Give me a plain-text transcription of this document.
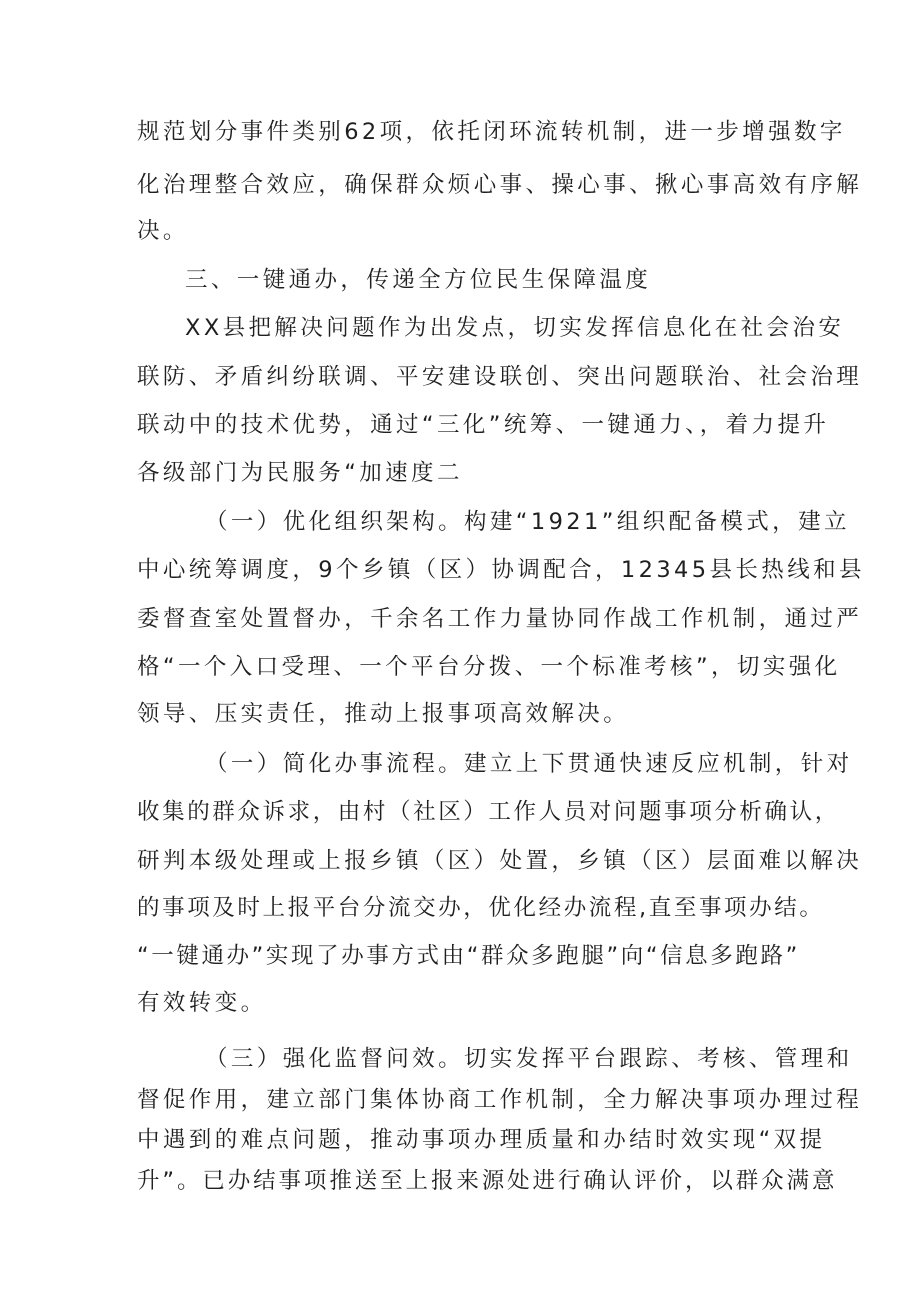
规范划分事件类别62项，依托闭环流转机制，进一步增强数字
化治理整合效应，确保群众烦心事、操心事、揪心事高效有序解
决。
三、一键通办，传递全方位民生保障温度
XX县把解决问题作为出发点，切实发挥信息化在社会治安
联防、矛盾纠纷联调、平安建设联创、突出问题联治、社会治理
联动中的技术优势，通过“三化”统筹、一键通力、，着力提升
各级部门为民服务“加速度二
（一）优化组织架构。构建“1921”组织配备模式，建立
中心统筹调度，9个乡镇（区）协调配合，12345县长热线和县
委督查室处置督办，千余名工作力量协同作战工作机制，通过严
格“一个入口受理、一个平台分拨、一个标准考核”，切实强化
领导、压实责任，推动上报事项高效解决。
（一）简化办事流程。建立上下贯通快速反应机制，针对
收集的群众诉求，由村（社区）工作人员对问题事项分析确认，
研判本级处理或上报乡镇（区）处置，乡镇（区）层面难以解决
的事项及时上报平台分流交办，优化经办流程,直至事项办结。
“一键通办”实现了办事方式由“群众多跑腿”向“信息多跑路”
有效转变。
（三）强化监督问效。切实发挥平台跟踪、考核、管理和
督促作用，建立部门集体协商工作机制，全力解决事项办理过程
中遇到的难点问题，推动事项办理质量和办结时效实现“双提
升”。已办结事项推送至上报来源处进行确认评价，以群众满意
